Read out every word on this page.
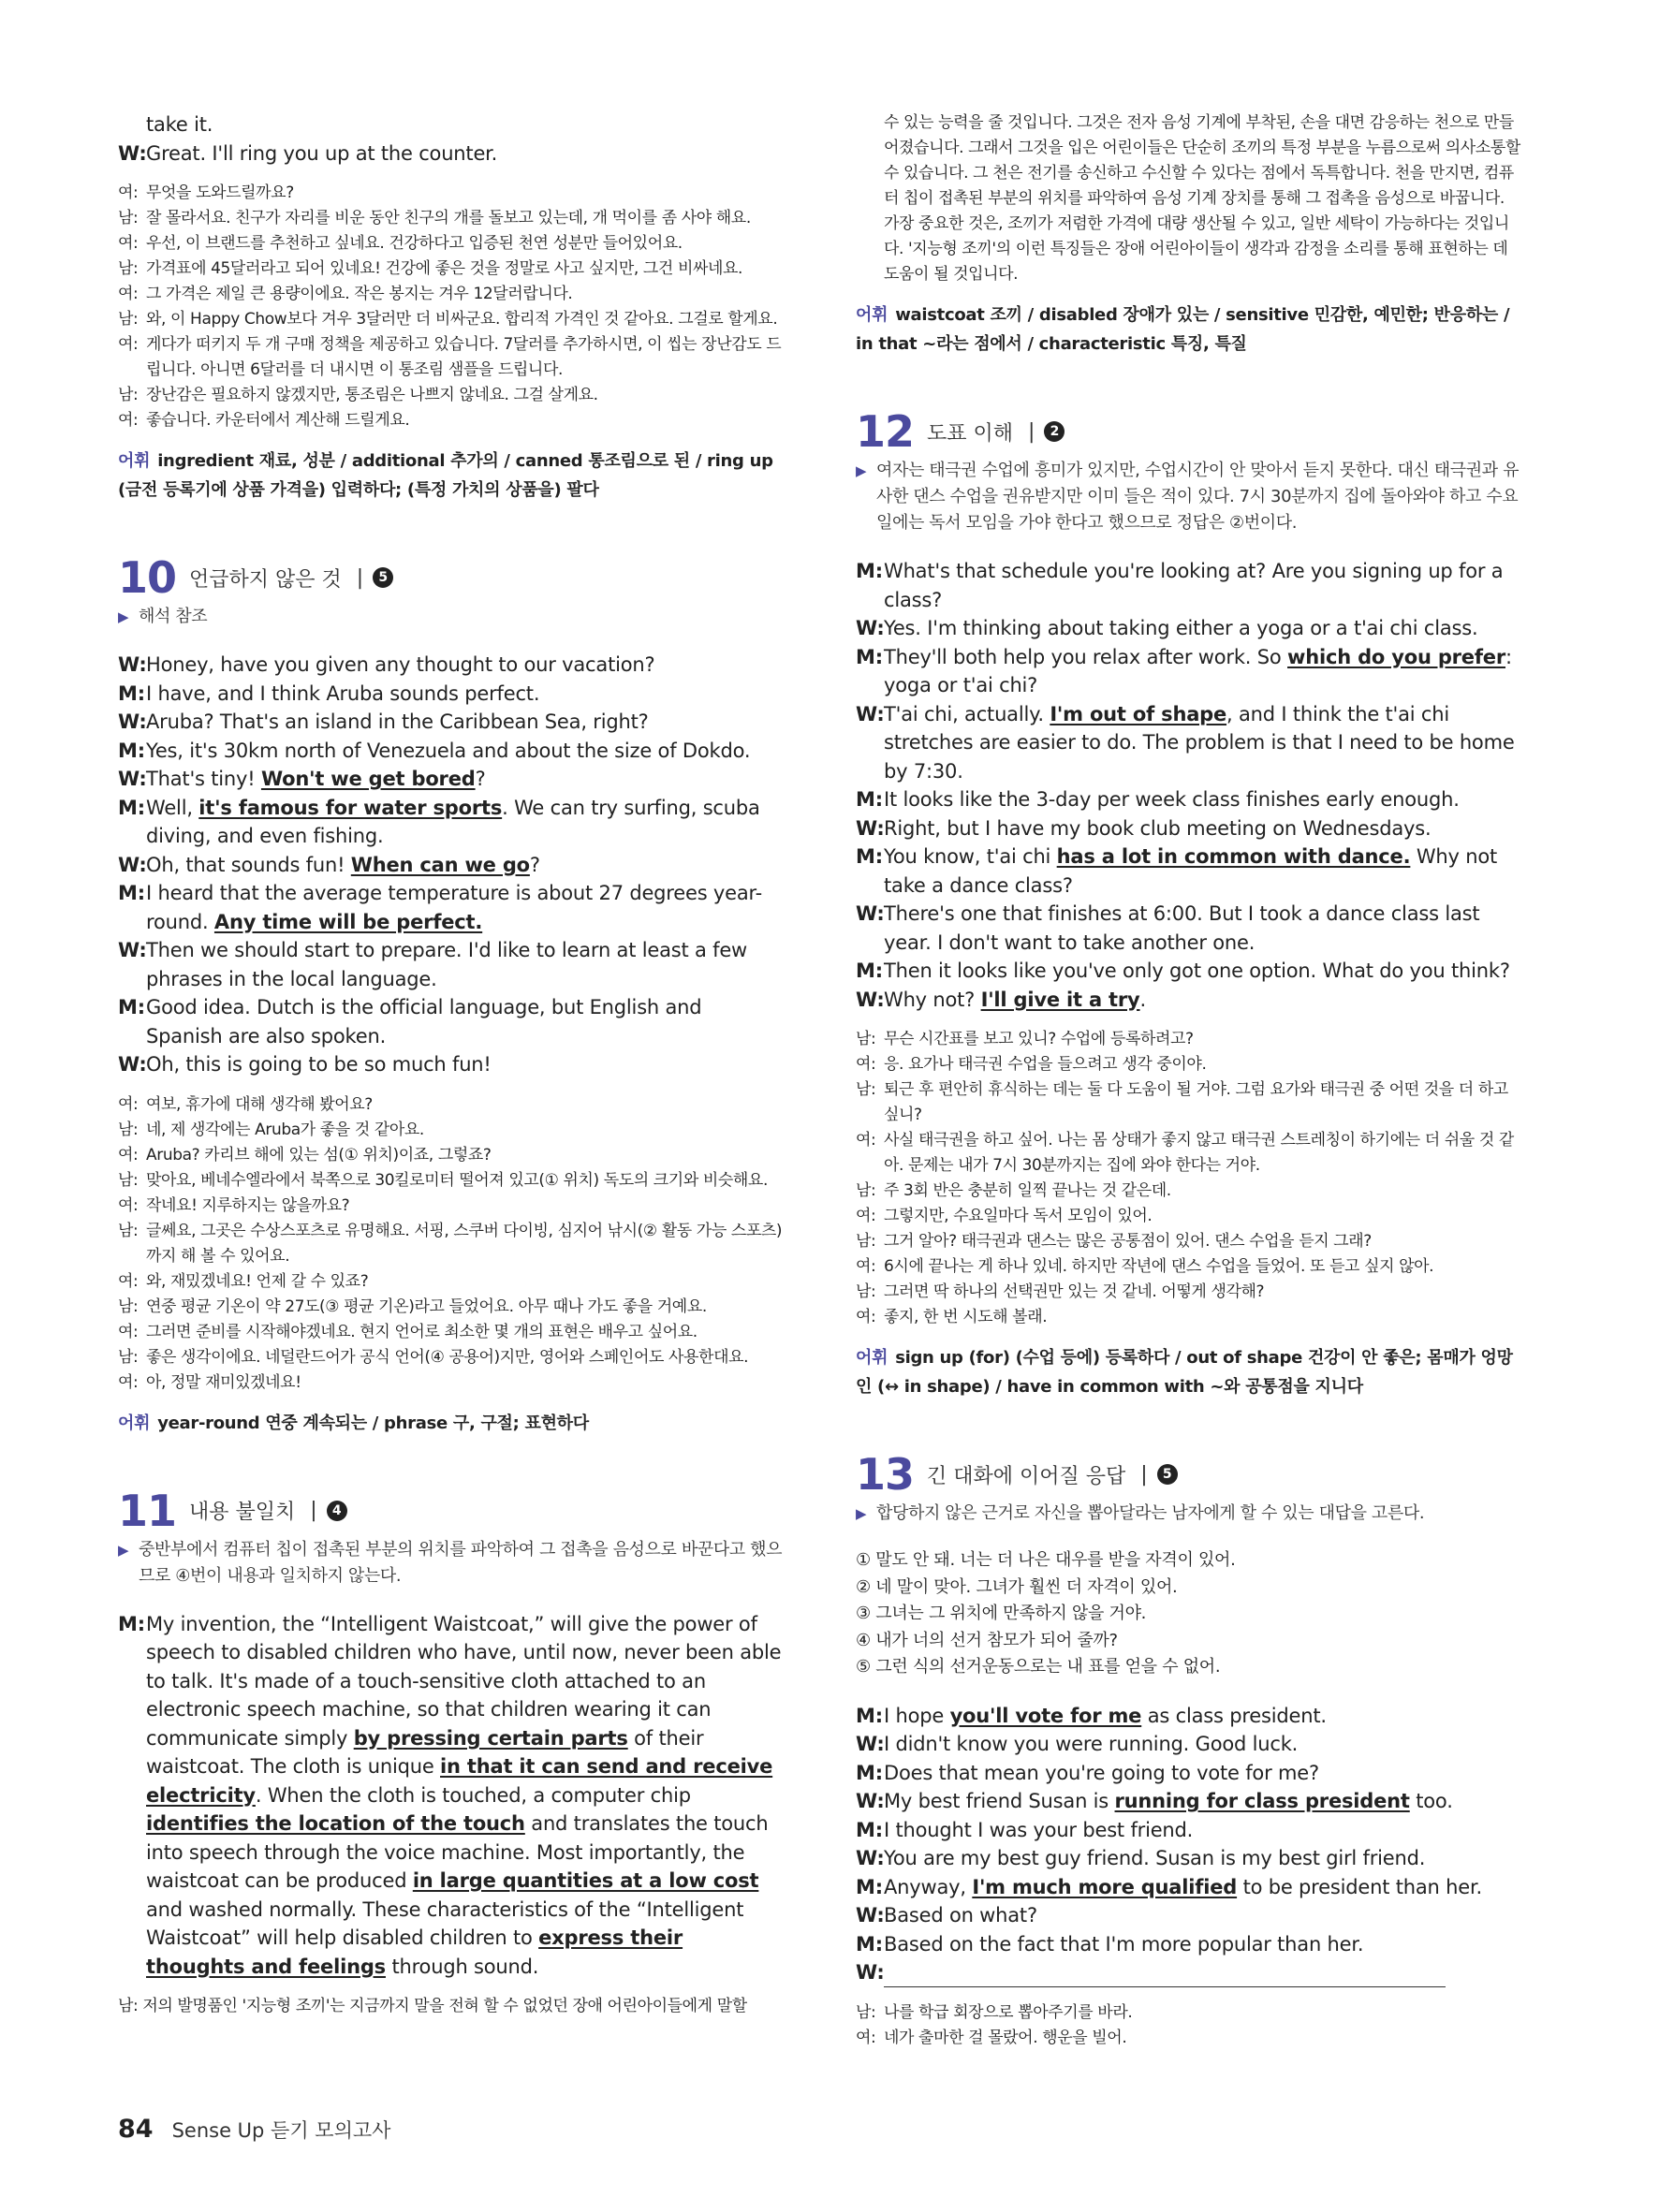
take it.
W: Great. I'll ring you up at the counter.
여: 무엇을 도와드릴까요?
남: 잘 몰라서요. 친구가 자리를 비운 동안 친구의 개를 돌보고 있는데, 개 먹이를 좀 사야 해요.
여: 우선, 이 브랜드를 추천하고 싶네요. 건강하다고 입증된 천연 성분만 들어있어요.
남: 가격표에 45달러라고 되어 있네요! 건강에 좋은 것을 정말로 사고 싶지만, 그건 비싸네요.
여: 그 가격은 제일 큰 용량이에요. 작은 봉지는 겨우 12달러랍니다.
남: 와, 이 Happy Chow보다 겨우 3달러만 더 비싸군요. 합리적 가격인 것 같아요. 그걸로 할게요.
여: 게다가 떠키지 두 개 구매 정책을 제공하고 있습니다. 7달러를 추가하시면, 이 씹는 장난감도 드립니다. 아니면 6달러를 더 내시면 이 통조림 샘플을 드립니다.
남: 장난감은 필요하지 않겠지만, 통조림은 나쁘지 않네요. 그걸 살게요.
여: 좋습니다. 카운터에서 계산해 드릴게요.
어휘 ingredient 재료, 성분 / additional 추가의 / canned 통조림으로 된 / ring up (금전 등록기에 상품 가격을) 입력하다; (특정 가치의 상품을) 팔다
10 언급하지 않은 것 |	5
▶ 해석 참조
W: Honey, have you given any thought to our vacation?
M: I have, and I think Aruba sounds perfect.
W: Aruba? That's an island in the Caribbean Sea, right?
M: Yes, it's 30km north of Venezuela and about the size of Dokdo.
W: That's tiny! Won't we get bored?
M: Well, it's famous for water sports. We can try surfing, scuba diving, and even fishing.
W: Oh, that sounds fun! When can we go?
M: I heard that the average temperature is about 27 degrees year-round. Any time will be perfect.
W: Then we should start to prepare. I'd like to learn at least a few phrases in the local language.
M: Good idea. Dutch is the official language, but English and Spanish are also spoken.
W: Oh, this is going to be so much fun!
여: 여보, 휴가에 대해 생각해 봤어요?
남: 네, 제 생각에는 Aruba가 좋을 것 같아요.
여: Aruba? 카리브 해에 있는 섬(① 위치)이죠, 그렇죠?
남: 맞아요, 베네수엘라에서 북쪽으로 30킬로미터 떨어져 있고(① 위치) 독도의 크기와 비슷해요.
여: 작네요! 지루하지는 않을까요?
남: 글쎄요, 그곳은 수상스포츠로 유명해요. 서핑, 스쿠버 다이빙, 심지어 낚시(② 활동 가능 스포츠)까지 해 볼 수 있어요.
여: 와, 재밌겠네요! 언제 갈 수 있죠?
남: 연중 평균 기온이 약 27도(③ 평균 기온)라고 들었어요. 아무 때나 가도 좋을 거예요.
여: 그러면 준비를 시작해야겠네요. 현지 언어로 최소한 몇 개의 표현은 배우고 싶어요.
남: 좋은 생각이에요. 네덜란드어가 공식 언어(④ 공용어)지만, 영어와 스페인어도 사용한대요.
여: 아, 정말 재미있겠네요!
어휘 year-round 연중 계속되는 / phrase 구, 구절; 표현하다
11 내용 불일치 |	4
▶ 중반부에서 컴퓨터 칩이 접촉된 부분의 위치를 파악하여 그 접촉을 음성으로 바꾼다고 했으므로 ④번이 내용과 일치하지 않는다.
M: My invention, the “Intelligent Waistcoat,” will give the power of speech to disabled children who have, until now, never been able to talk. It's made of a touch-sensitive cloth attached to an electronic speech machine, so that children wearing it can communicate simply by pressing certain parts of their waistcoat. The cloth is unique in that it can send and receive electricity. When the cloth is touched, a computer chip identifies the location of the touch and translates the touch into speech through the voice machine. Most importantly, the waistcoat can be produced in large quantities at a low cost and washed normally. These characteristics of the “Intelligent Waistcoat” will help disabled children to express their thoughts and feelings through sound.
남: 저의 발명품인 '지능형 조끼'는 지금까지 말을 전혀 할 수 없었던 장애 어린아이들에게 말할
수 있는 능력을 줄 것입니다. 그것은 전자 음성 기계에 부착된, 손을 대면 감응하는 천으로 만들어졌습니다. 그래서 그것을 입은 어린이들은 단순히 조끼의 특정 부분을 누름으로써 의사소통할 수 있습니다. 그 천은 전기를 송신하고 수신할 수 있다는 점에서 독특합니다. 천을 만지면, 컴퓨터 칩이 접촉된 부분의 위치를 파악하여 음성 기계 장치를 통해 그 접촉을 음성으로 바꿉니다. 가장 중요한 것은, 조끼가 저렴한 가격에 대량 생산될 수 있고, 일반 세탁이 가능하다는 것입니다. '지능형 조끼'의 이런 특징들은 장애 어린아이들이 생각과 감정을 소리를 통해 표현하는 데 도움이 될 것입니다.
어휘 waistcoat 조끼 / disabled 장애가 있는 / sensitive 민감한, 예민한; 반응하는 / in that ~라는 점에서 / characteristic 특징, 특질
12 도표 이해 |	2
▶ 여자는 태극권 수업에 흥미가 있지만, 수업시간이 안 맞아서 듣지 못한다. 대신 태극권과 유사한 댄스 수업을 권유받지만 이미 들은 적이 있다. 7시 30분까지 집에 돌아와야 하고 수요일에는 독서 모임을 가야 한다고 했으므로 정답은 ②번이다.
M: What's that schedule you're looking at? Are you signing up for a class?
W: Yes. I'm thinking about taking either a yoga or a t'ai chi class.
M: They'll both help you relax after work. So which do you prefer: yoga or t'ai chi?
W: T'ai chi, actually. I'm out of shape, and I think the t'ai chi stretches are easier to do. The problem is that I need to be home by 7:30.
M: It looks like the 3-day per week class finishes early enough.
W: Right, but I have my book club meeting on Wednesdays.
M: You know, t'ai chi has a lot in common with dance. Why not take a dance class?
W: There's one that finishes at 6:00. But I took a dance class last year. I don't want to take another one.
M: Then it looks like you've only got one option. What do you think?
W: Why not? I'll give it a try.
남: 무슨 시간표를 보고 있니? 수업에 등록하려고?
여: 응. 요가나 태극권 수업을 들으려고 생각 중이야.
남: 퇴근 후 편안히 휴식하는 데는 둘 다 도움이 될 거야. 그럼 요가와 태극권 중 어떤 것을 더 하고 싶니?
여: 사실 태극권을 하고 싶어. 나는 몸 상태가 좋지 않고 태극권 스트레칭이 하기에는 더 쉬울 것 같아. 문제는 내가 7시 30분까지는 집에 와야 한다는 거야.
남: 주 3회 반은 충분히 일찍 끝나는 것 같은데.
여: 그렇지만, 수요일마다 독서 모임이 있어.
남: 그거 알아? 태극권과 댄스는 많은 공통점이 있어. 댄스 수업을 듣지 그래?
여: 6시에 끝나는 게 하나 있네. 하지만 작년에 댄스 수업을 들었어. 또 듣고 싶지 않아.
남: 그러면 딱 하나의 선택권만 있는 것 같네. 어떻게 생각해?
여: 좋지, 한 번 시도해 볼래.
어휘 sign up (for) (수업 등에) 등록하다 / out of shape 건강이 안 좋은; 몸매가 엉망인 (↔ in shape) / have in common with ~와 공통점을 지니다
13 긴 대화에 이어질 응답 |	5
▶ 합당하지 않은 근거로 자신을 뽑아달라는 남자에게 할 수 있는 대답을 고른다.
① 말도 안 돼. 너는 더 나은 대우를 받을 자격이 있어.
② 네 말이 맞아. 그녀가 훨씬 더 자격이 있어.
③ 그녀는 그 위치에 만족하지 않을 거야.
④ 내가 너의 선거 참모가 되어 줄까?
⑤ 그런 식의 선거운동으로는 내 표를 얻을 수 없어.
M: I hope you'll vote for me as class president.
W: I didn't know you were running. Good luck.
M: Does that mean you're going to vote for me?
W: My best friend Susan is running for class president too.
M: I thought I was your best friend.
W: You are my best guy friend. Susan is my best girl friend.
M: Anyway, I'm much more qualified to be president than her.
W: Based on what?
M: Based on the fact that I'm more popular than her.
W:
남: 나를 학급 회장으로 뽑아주기를 바라.
여: 네가 출마한 걸 몰랐어. 행운을 빌어.
84 Sense Up 듣기 모의고사
